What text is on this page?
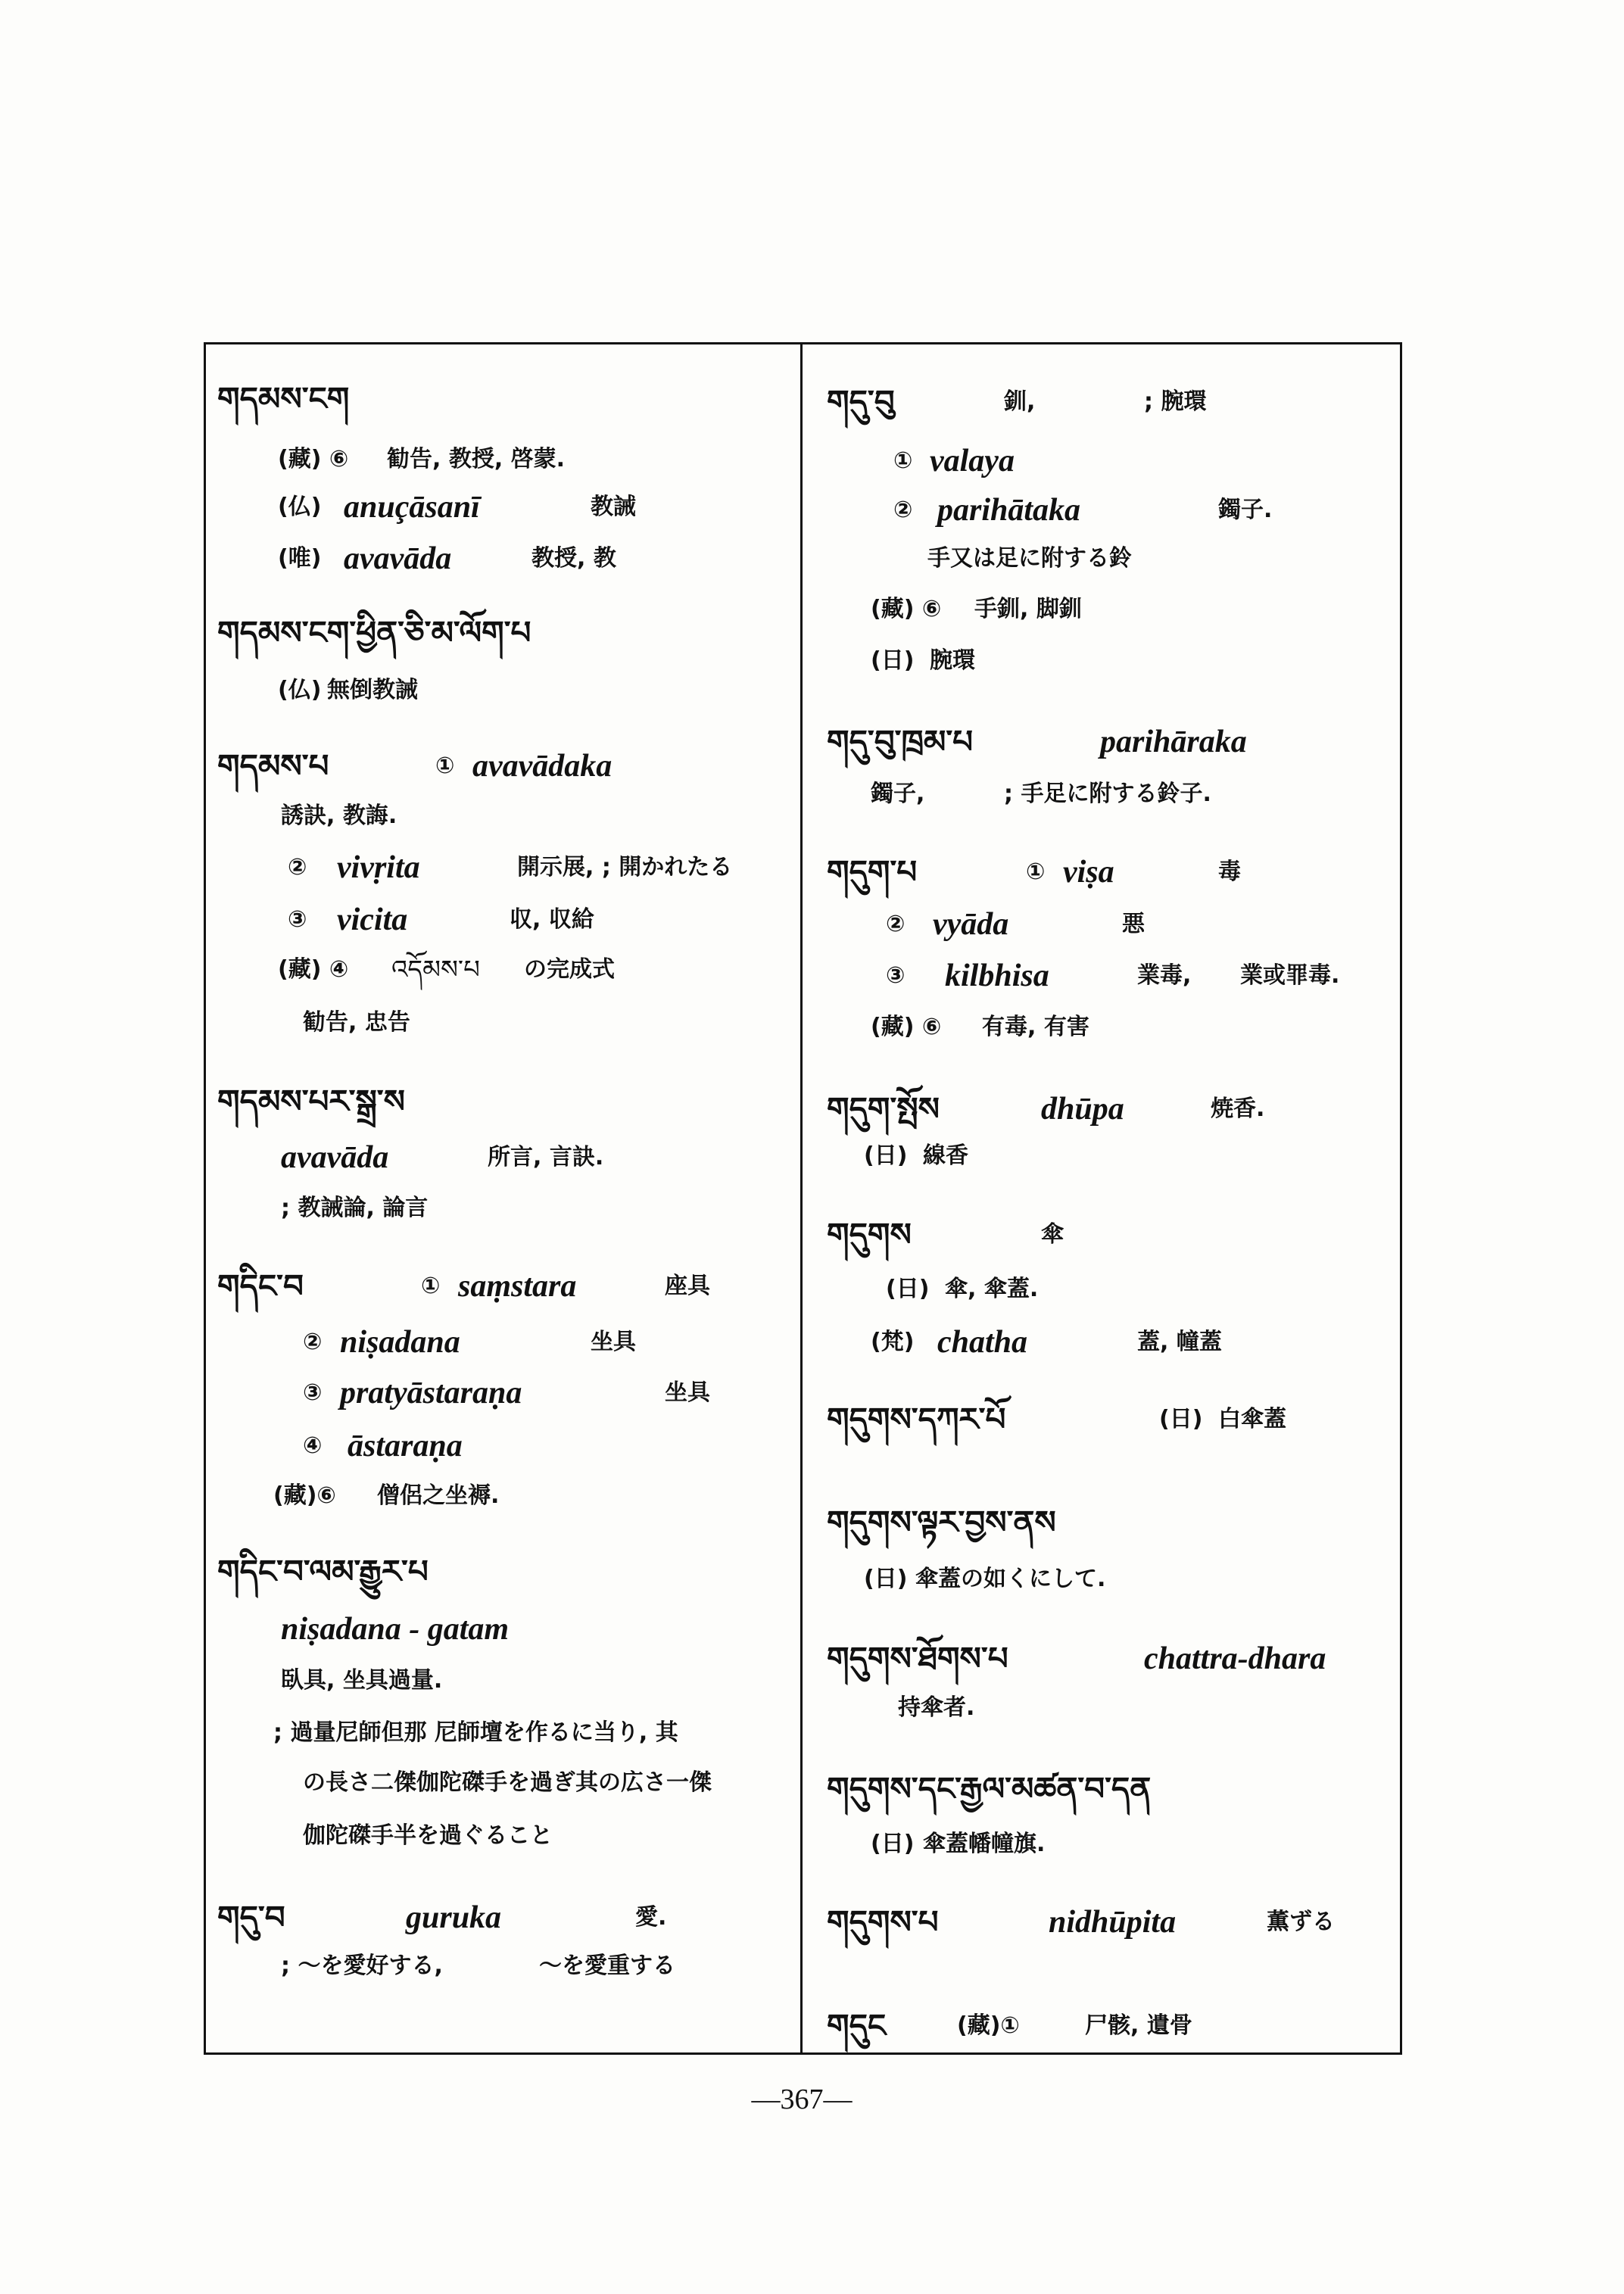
གདམས་ངག
(藏) ⑥ 勧告, 教授, 啓蒙.
(仏) anuçāsanī	教誡
(唯) avavāda	教授, 教
གདམས་ངག་ཕྱིན་ཅི་མ་ལོག་པ
(仏) 無倒教誡
གདམས་པ	① avavādaka
誘訣, 教誨.
② vivṛita	開示展, ; 開かれたる
③ vicita	収, 収給
(藏) ④ འདོམས་པ	の完成式
勧告, 忠告
གདམས་པར་སྒྲ་ས
avavāda	所言, 言訣.
; 教誡論, 論言
གདིང་བ	① saṃstara	座具
② niṣadana	坐具
③ pratyāstaraṇa	坐具
④ āstaraṇa
(藏)⑥ 僧侶之坐褥.
གདིང་བ་ལམ་རྒྱུར་པ
niṣadana - gatam
臥具, 坐具過量.
; 過量尼師但那 尼師壇を作るに当り, 其
の長さ二傑伽陀磔手を過ぎ其の広さ一傑
伽陀磔手半を過ぐること
གདུ་བ	guruka	愛.
; ～を愛好する,	～を愛重する
གདུ་བུ	釧,	; 腕環
① valaya
② parihātaka	鐲子.
手又は足に附する鈴
(藏) ⑥ 手釧, 脚釧
(日) 腕環
གདུ་བུ་ཁྲམ་པ	parihāraka
鐲子,	; 手足に附する鈴子.
གདུག་པ	① viṣa	毒
② vyāda	悪
③ kilbhisa	業毒, 業或罪毒.
(藏) ⑥ 有毒, 有害
གདུག་སྤོས	dhūpa	焼香.
(日) 線香
གདུགས	傘
(日) 傘, 傘蓋.
(梵) chatha	蓋, 幢蓋
གདུགས་དཀར་པོ	(日) 白傘蓋
གདུགས་ལྟར་བྱས་ནས
(日) 傘蓋の如くにして.
གདུགས་ཐོགས་པ	chattra-dhara
持傘者.
གདུགས་དང་རྒྱལ་མཚན་བ་དན
(日) 傘蓋幡幢旗.
གདུགས་པ	nidhūpita	薫ずる
གདུང	(藏)①	尸骸, 遺骨
—367—
